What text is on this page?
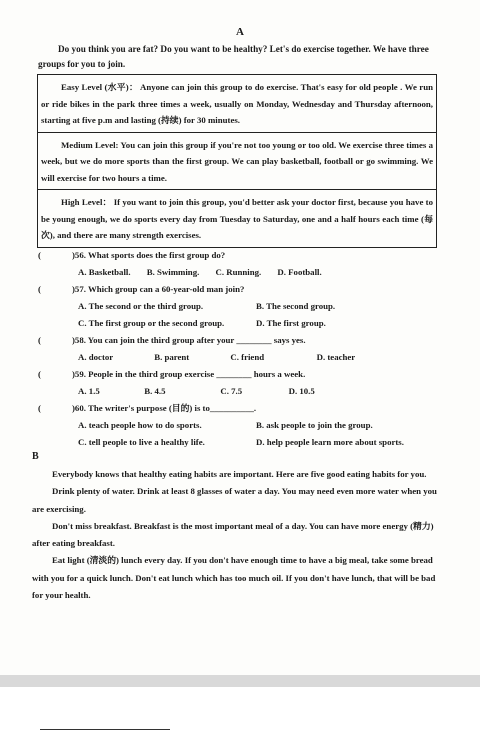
A
Do you think you are fat? Do you want to be healthy? Let's do exercise together. We have three groups for you to join.
Easy Level (水平)： Anyone can join this group to do exercise. That's easy for old people . We run or ride bikes in the park three times a week, usually on Monday, Wednesday and Thursday afternoon, starting at five p.m and lasting (持续) for 30 minutes.
Medium Level: You can join this group if you're not too young or too old. We exercise three times a week, but we do more sports than the first group. We can play basketball, football or go swimming. We will exercise for two hours a time.
High Level： If you want to join this group, you'd better ask your doctor first, because you have to be young enough, we do sports every day from Tuesday to Saturday, one and a half hours each time (每次), and there are many strength exercises.
(	)56. What sports does the first group do?
A. Basketball. B. Swimming. C. Running. D. Football.
(	)57. Which group can a 60-year-old man join?
A. The second or the third group.	B. The second group.
C. The first group or the second group.	D. The first group.
(	)58. You can join the third group after your ________ says yes.
A. doctor	B. parent	C. friend	D. teacher
(	)59. People in the third group exercise ________ hours a week.
A. 1.5	B. 4.5	C. 7.5	D. 10.5
(	)60. The writer's purpose (目的) is to__________.
A. teach people how to do sports.	B. ask people to join the group.
C. tell people to live a healthy life.	D. help people learn more about sports.
B

Everybody knows that healthy eating habits are important. Here are five good eating habits for you.

Drink plenty of water. Drink at least 8 glasses of water a day. You may need even more water when you are exercising.

Don't miss breakfast. Breakfast is the most important meal of a day. You can have more energy (精力) after eating breakfast.

Eat light (清淡的) lunch every day. If you don't have enough time to have a big meal, take some bread with you for a quick lunch. Don't eat lunch which has too much oil. If you don't have lunch, that will be bad for your health.
